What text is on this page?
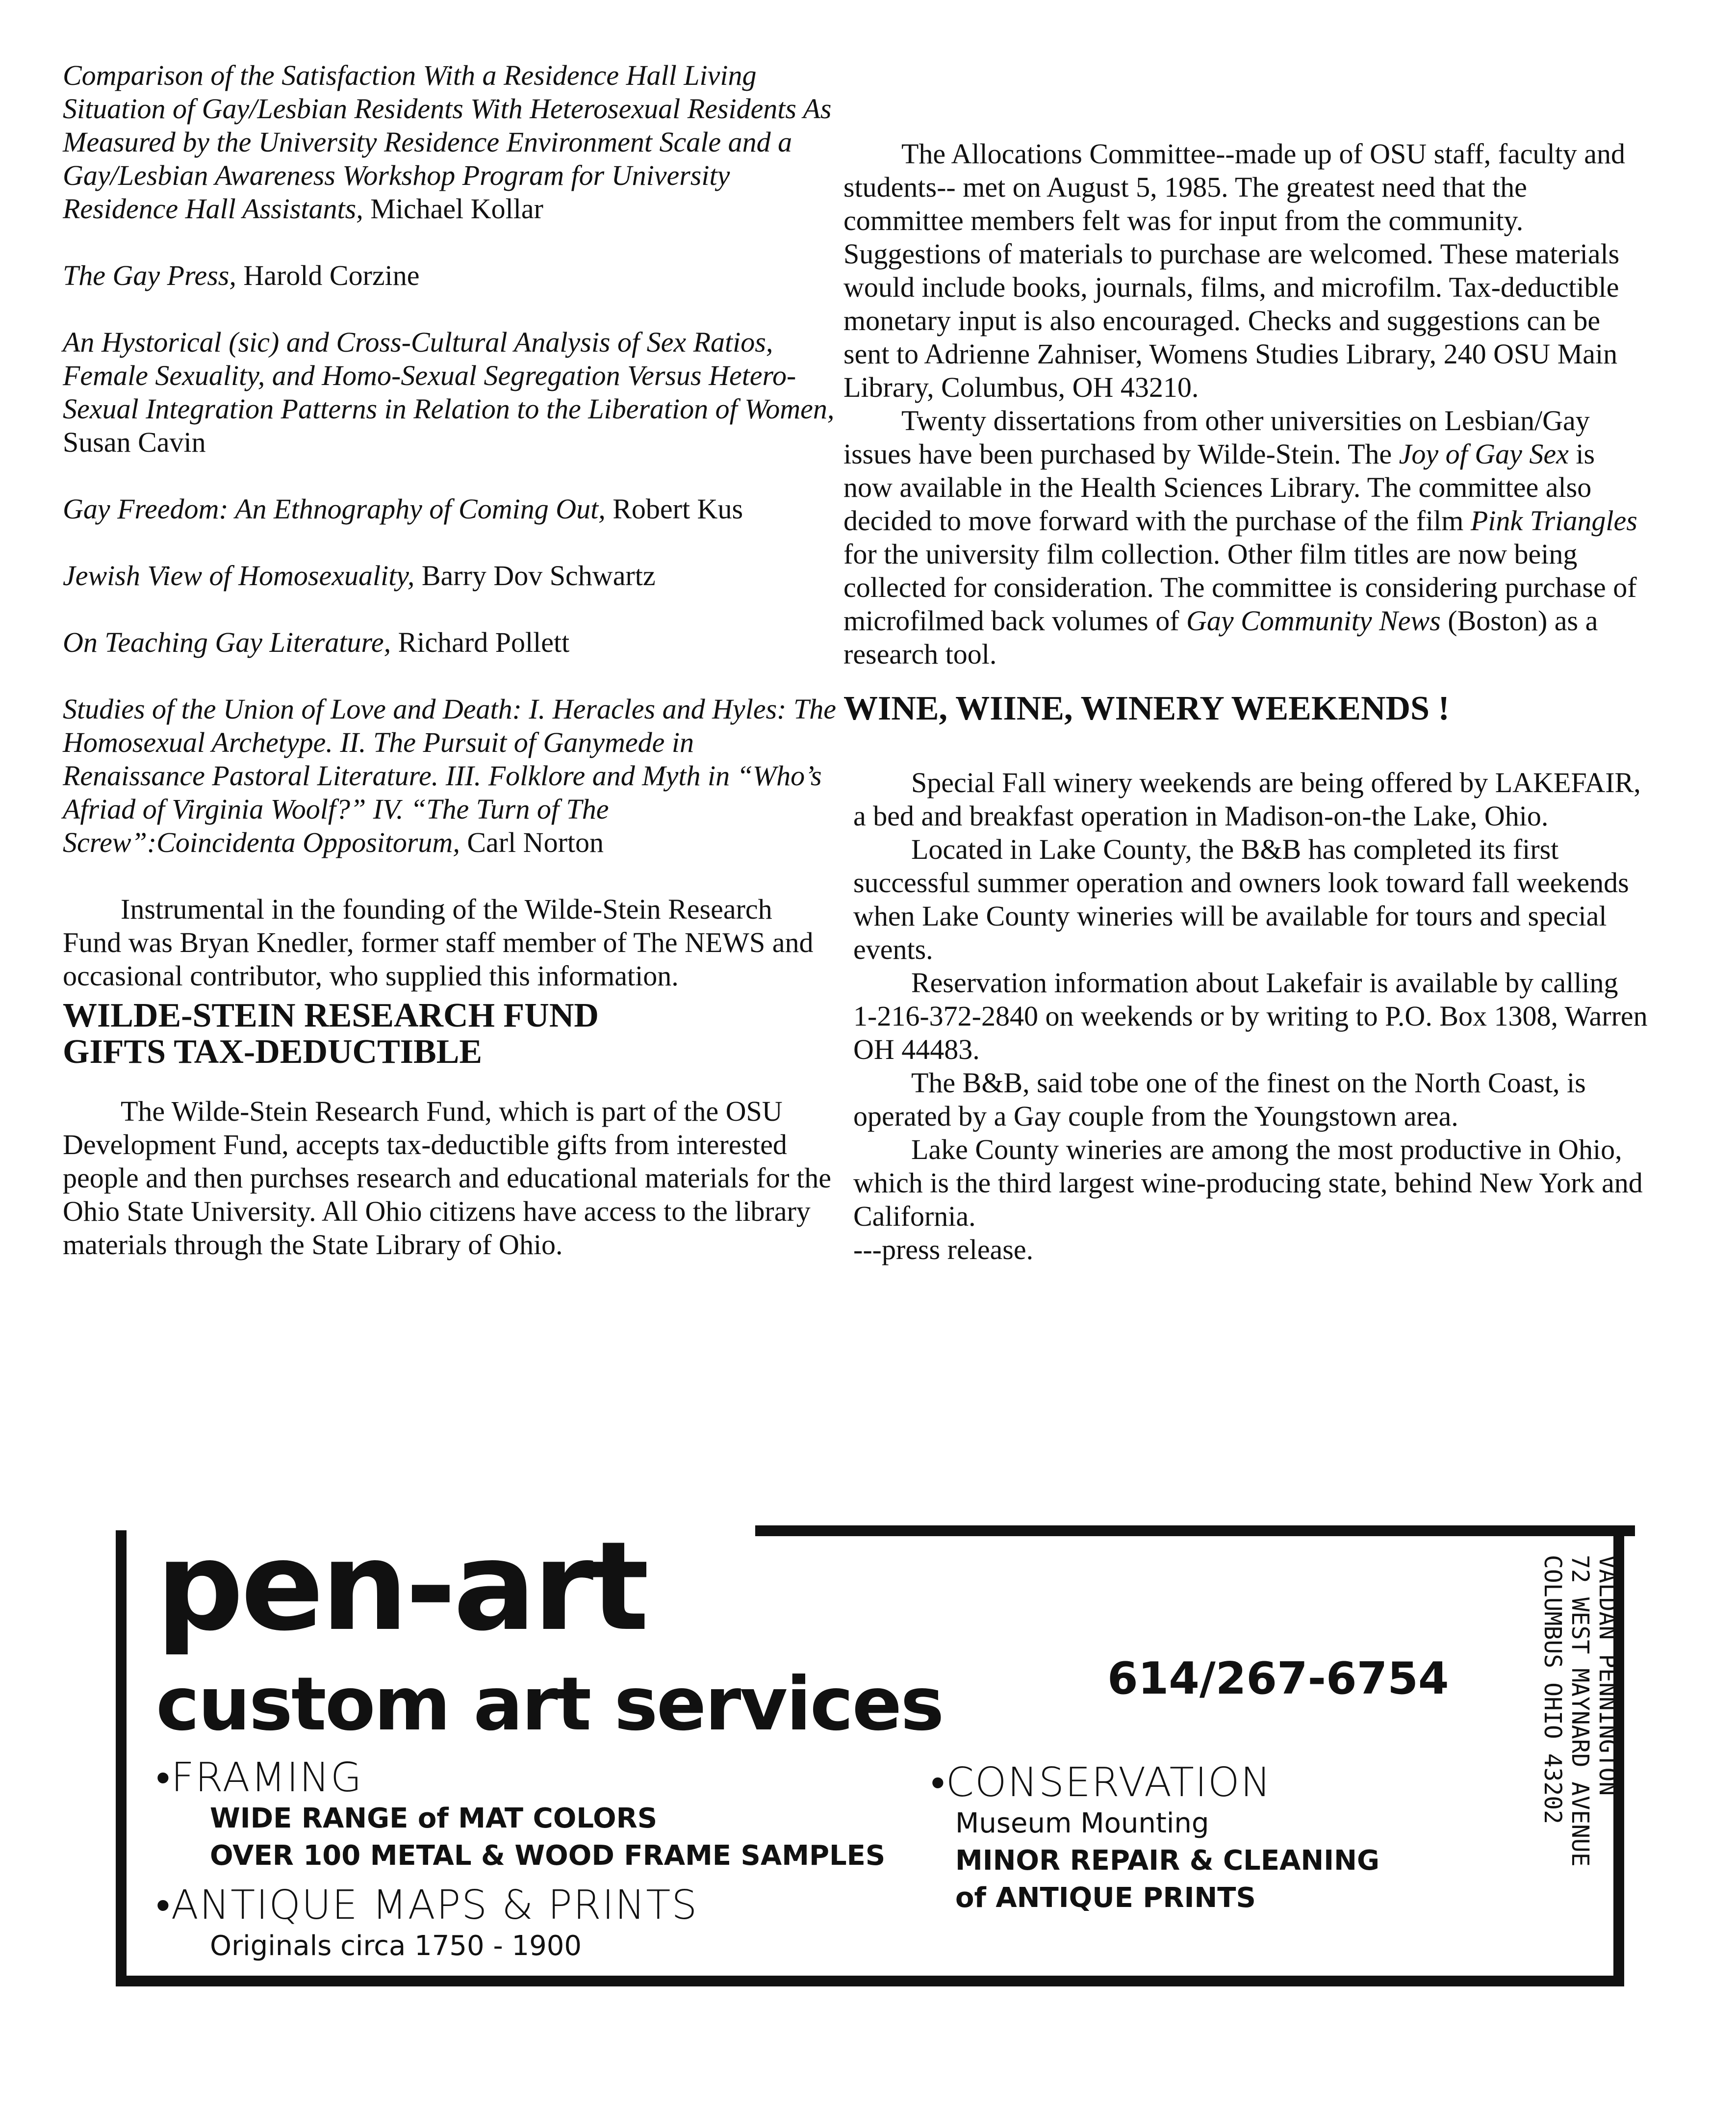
Comparison of the Satisfaction With a Residence Hall Living Situation of Gay/Lesbian Residents With Heterosexual Residents As Measured by the University Residence Environment Scale and a Gay/Lesbian Awareness Workshop Program for University Residence Hall Assistants, Michael Kollar
The Gay Press, Harold Corzine
An Hystorical (sic) and Cross-Cultural Analysis of Sex Ratios, Female Sexuality, and Homo-Sexual Segregation Versus Hetero-Sexual Integration Patterns in Relation to the Liberation of Women, Susan Cavin
Gay Freedom: An Ethnography of Coming Out, Robert Kus
Jewish View of Homosexuality, Barry Dov Schwartz
On Teaching Gay Literature, Richard Pollett
Studies of the Union of Love and Death: I. Heracles and Hyles: The Homosexual Archetype. II. The Pursuit of Ganymede in Renaissance Pastoral Literature. III. Folklore and Myth in “Who’s Afriad of Virginia Woolf?” IV. “The Turn of The Screw”:Coincidenta Oppositorum, Carl Norton

Instrumental in the founding of the Wilde-Stein Research Fund was Bryan Knedler, former staff member of The NEWS and occasional contributor, who supplied this information.

WILDE-STEIN RESEARCH FUND GIFTS TAX-DEDUCTIBLE

The Wilde-Stein Research Fund, which is part of the OSU Development Fund, accepts tax-deductible gifts from interested people and then purchses research and educational materials for the Ohio State University. All Ohio citizens have access to the library materials through the State Library of Ohio.

The Allocations Committee--made up of OSU staff, faculty and students-- met on August 5, 1985. The greatest need that the committee members felt was for input from the community. Suggestions of materials to purchase are welcomed. These materials would include books, journals, films, and microfilm. Tax-deductible monetary input is also encouraged. Checks and suggestions can be sent to Adrienne Zahniser, Womens Studies Library, 240 OSU Main Library, Columbus, OH 43210.

Twenty dissertations from other universities on Lesbian/Gay issues have been purchased by Wilde-Stein. The Joy of Gay Sex is now available in the Health Sciences Library. The committee also decided to move forward with the purchase of the film Pink Triangles for the university film collection. Other film titles are now being collected for consideration. The committee is considering purchase of microfilmed back volumes of Gay Community News (Boston) as a research tool.

WINE, WIINE, WINERY WEEKENDS !

Special Fall winery weekends are being offered by LAKEFAIR, a bed and breakfast operation in Madison-on-the Lake, Ohio.

Located in Lake County, the B&B has completed its first successful summer operation and owners look toward fall weekends when Lake County wineries will be available for tours and special events.

Reservation information about Lakefair is available by calling 1-216-372-2840 on weekends or by writing to P.O. Box 1308, Warren OH 44483.

The B&B, said tobe one of the finest on the North Coast, is operated by a Gay couple from the Youngstown area.

Lake County wineries are among the most productive in Ohio, which is the third largest wine-producing state, behind New York and California.

---press release.

pen-art
custom art services	614/267-6754
•FRAMING
WIDE RANGE of MAT COLORS
OVER 100 METAL & WOOD FRAME SAMPLES
•ANTIQUE MAPS & PRINTS
Originals circa 1750 - 1900
•CONSERVATION
Museum Mounting
MINOR REPAIR & CLEANING
of ANTIQUE PRINTS
VALDAN PENNINGTON
72 WEST MAYNARD AVENUE
COLUMBUS OHIO 43202
